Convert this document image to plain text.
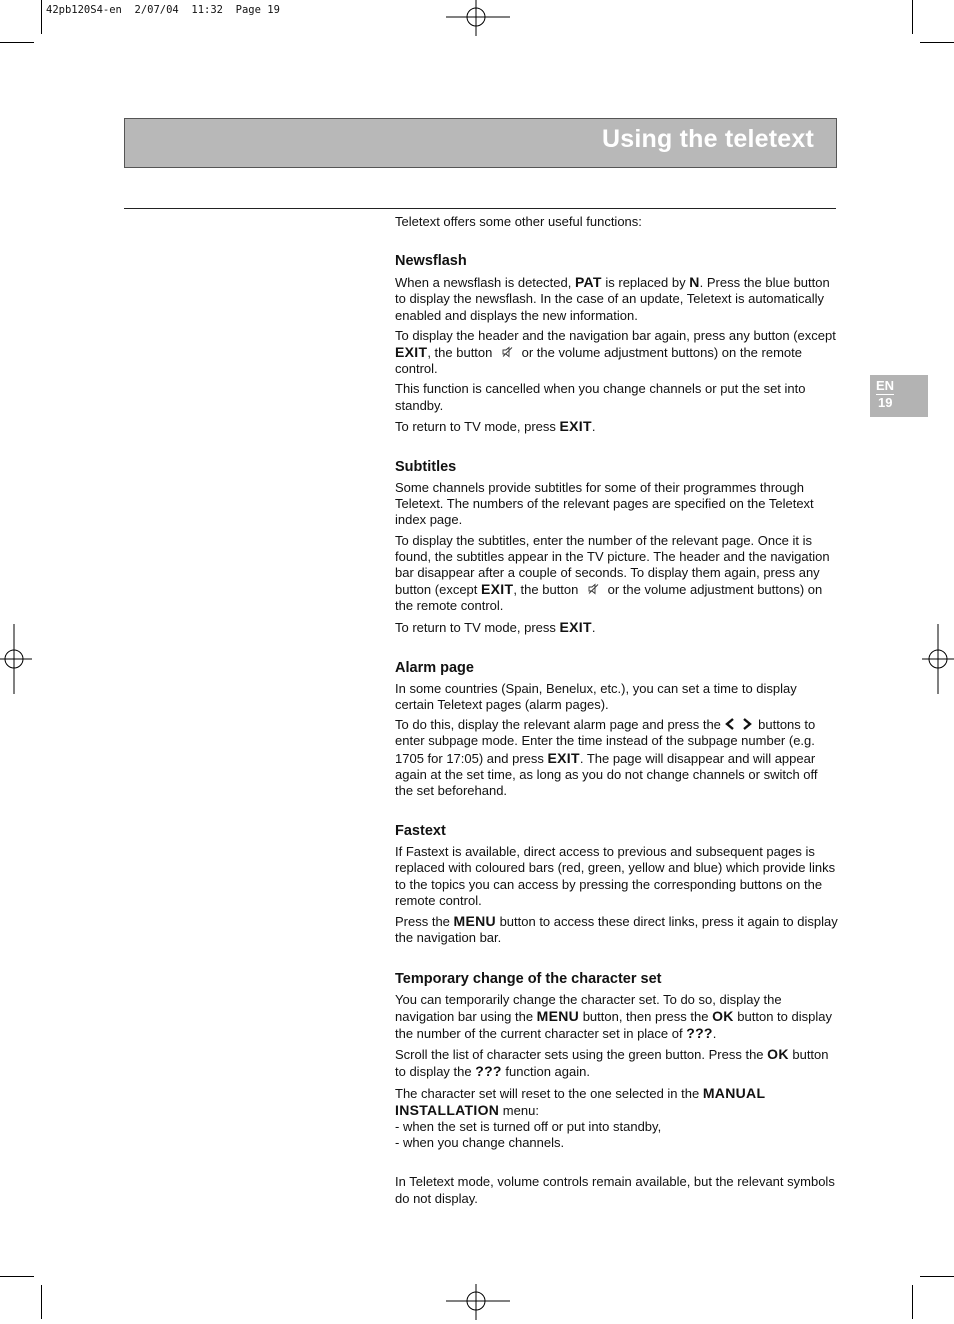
42pb120S4-en  2/07/04  11:32  Page 19
Using the teletext
EN
19

Teletext offers some other useful functions:

Newsflash

When a newsflash is detected, PAT is replaced by N. Press the blue button to display the newsflash. In the case of an update, Teletext is automatically enabled and displays the new information.

To display the header and the navigation bar again, press any button (except EXIT, the button  or the volume adjustment buttons) on the remote control.

This function is cancelled when you change channels or put the set into standby.

To return to TV mode, press EXIT.

Subtitles

Some channels provide subtitles for some of their programmes through Teletext. The numbers of the relevant pages are specified on the Teletext index page.

To display the subtitles, enter the number of the relevant page. Once it is found, the subtitles appear in the TV picture. The header and the navigation bar disappear after a couple of seconds. To display them again, press any button (except EXIT, the button  or the volume adjustment buttons) on the remote control.

To return to TV mode, press EXIT.

Alarm page

In some countries (Spain, Benelux, etc.), you can set a time to display certain Teletext pages (alarm pages).

To do this, display the relevant alarm page and press the  buttons to enter subpage mode. Enter the time instead of the subpage number (e.g. 1705 for 17:05) and press EXIT. The page will disappear and will appear again at the set time, as long as you do not change channels or switch off the set beforehand.

Fastext

If Fastext is available, direct access to previous and subsequent pages is replaced with coloured bars (red, green, yellow and blue) which provide links to the topics you can access by pressing the corresponding buttons on the remote control.

Press the MENU button to access these direct links, press it again to display the navigation bar.

Temporary change of the character set

You can temporarily change the character set. To do so, display the navigation bar using the MENU button, then press the OK button to display the number of the current character set in place of ???.

Scroll the list of character sets using the green button. Press the OK button to display the ??? function again.

The character set will reset to the one selected in the MANUAL INSTALLATION menu:
- when the set is turned off or put into standby,
- when you change channels.

In Teletext mode, volume controls remain available, but the relevant symbols do not display.
